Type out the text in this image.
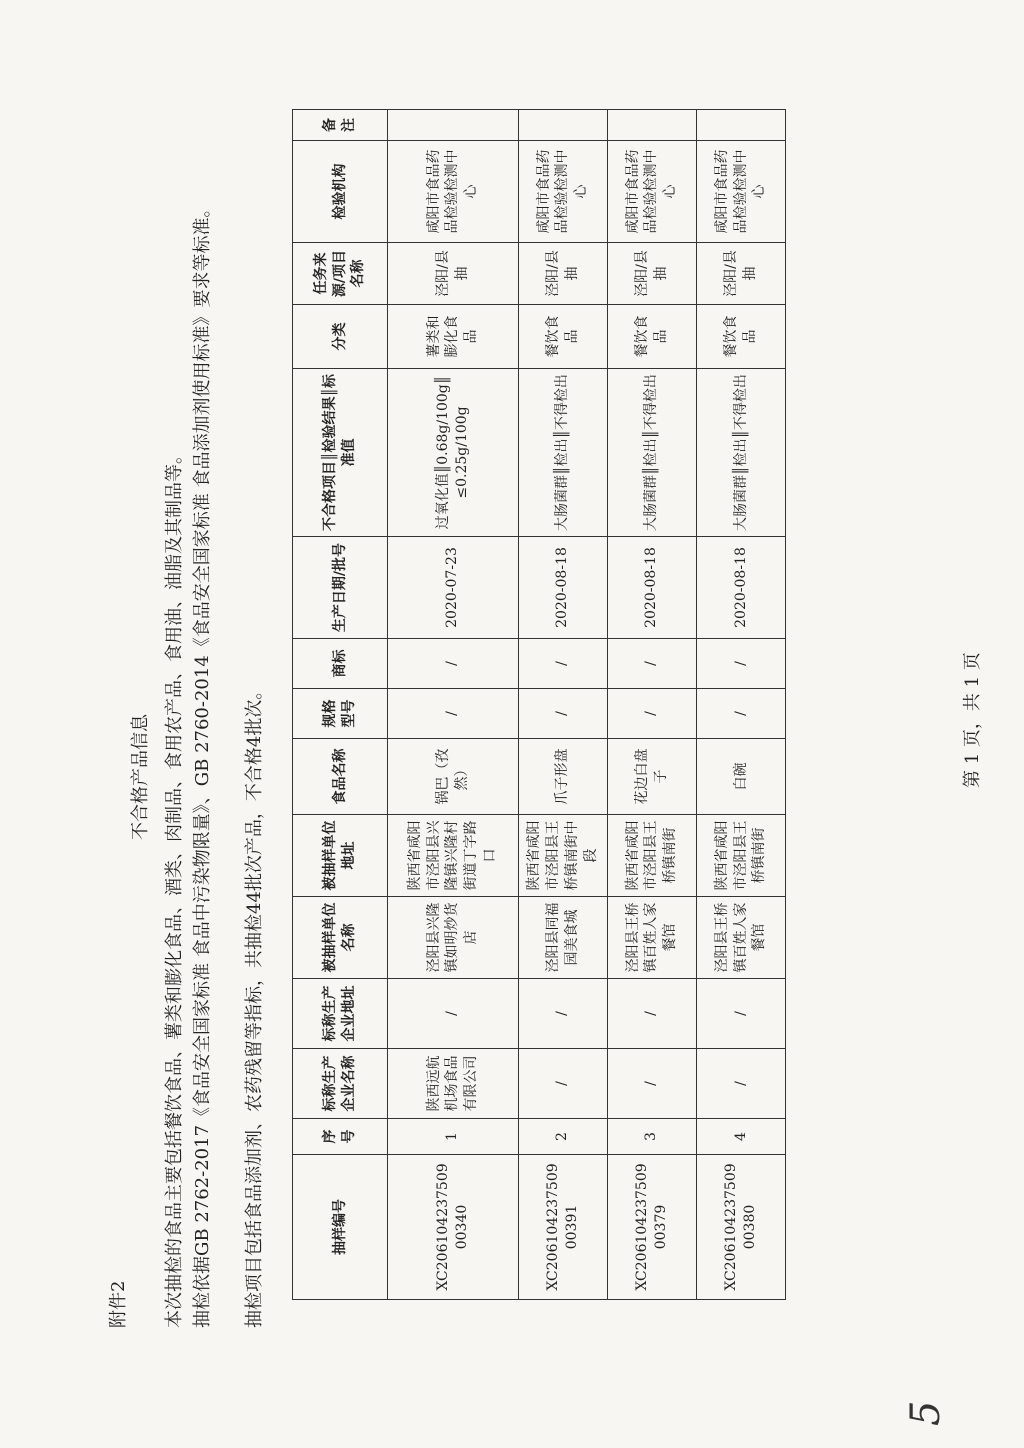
附件2
不合格产品信息 本次抽检的食品主要包括餐饮食品、薯类和膨化食品、酒类、肉制品、食用农产品、食用油、油脂及其制品等。 抽检依据GB 2762-2017《食品安全国家标准 食品中污染物限量》、GB 2760-2014《食品安全国家标准 食品添加剂使用标准》要求等标准。 抽检项目包括食品添加剂、农药残留等指标，共抽检44批次产品，不合格4批次。	抽样编号	序号	标称生产企业名称	标称生产企业地址	被抽样单位名称	被抽样单位地址	食品名称	规格型号	商标	生产日期/批号	不合格项目║检验结果║标准值	分类	任务来源/项目名称	检验机构	备注
XC20610423750900340	1	陕西远航机场食品有限公司	/	泾阳县兴隆镇如明炒货店	陕西省咸阳市泾阳县兴隆镇兴隆村街道丁字路口	锅巴（孜然）	/	/	2020-07-23	过氧化值║0.68g/100g║≤0.25g/100g	薯类和膨化食品	泾阳/县抽	咸阳市食品药品检验检测中心	
XC20610423750900391	2	/	/	泾阳县同福园美食城	陕西省咸阳市泾阳县王桥镇南街中段	爪子形盘	/	/	2020-08-18	大肠菌群║检出║不得检出	餐饮食品	泾阳/县抽	咸阳市食品药品检验检测中心	
XC20610423750900379	3	/	/	泾阳县王桥镇百姓人家餐馆	陕西省咸阳市泾阳县王桥镇南街	花边白盘子	/	/	2020-08-18	大肠菌群║检出║不得检出	餐饮食品	泾阳/县抽	咸阳市食品药品检验检测中心	
XC20610423750900380	4	/	/	泾阳县王桥镇百姓人家餐馆	陕西省咸阳市泾阳县王桥镇南街	白碗	/	/	2020-08-18	大肠菌群║检出║不得检出	餐饮食品	泾阳/县抽	咸阳市食品药品检验检测中心	
第 1 页，共 1 页
5
